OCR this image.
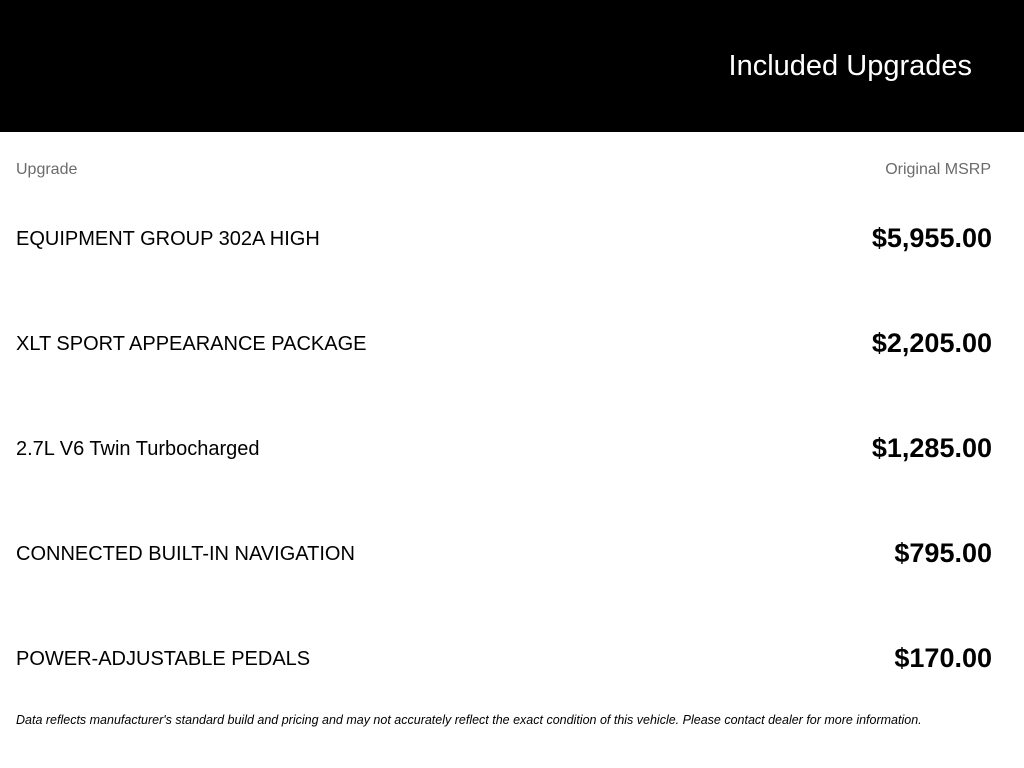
Included Upgrades
Upgrade	Original MSRP
EQUIPMENT GROUP 302A HIGH	$5,955.00
XLT SPORT APPEARANCE PACKAGE	$2,205.00
2.7L V6 Twin Turbocharged	$1,285.00
CONNECTED BUILT-IN NAVIGATION	$795.00
POWER-ADJUSTABLE PEDALS	$170.00
Data reflects manufacturer's standard build and pricing and may not accurately reflect the exact condition of this vehicle. Please contact dealer for more information.
